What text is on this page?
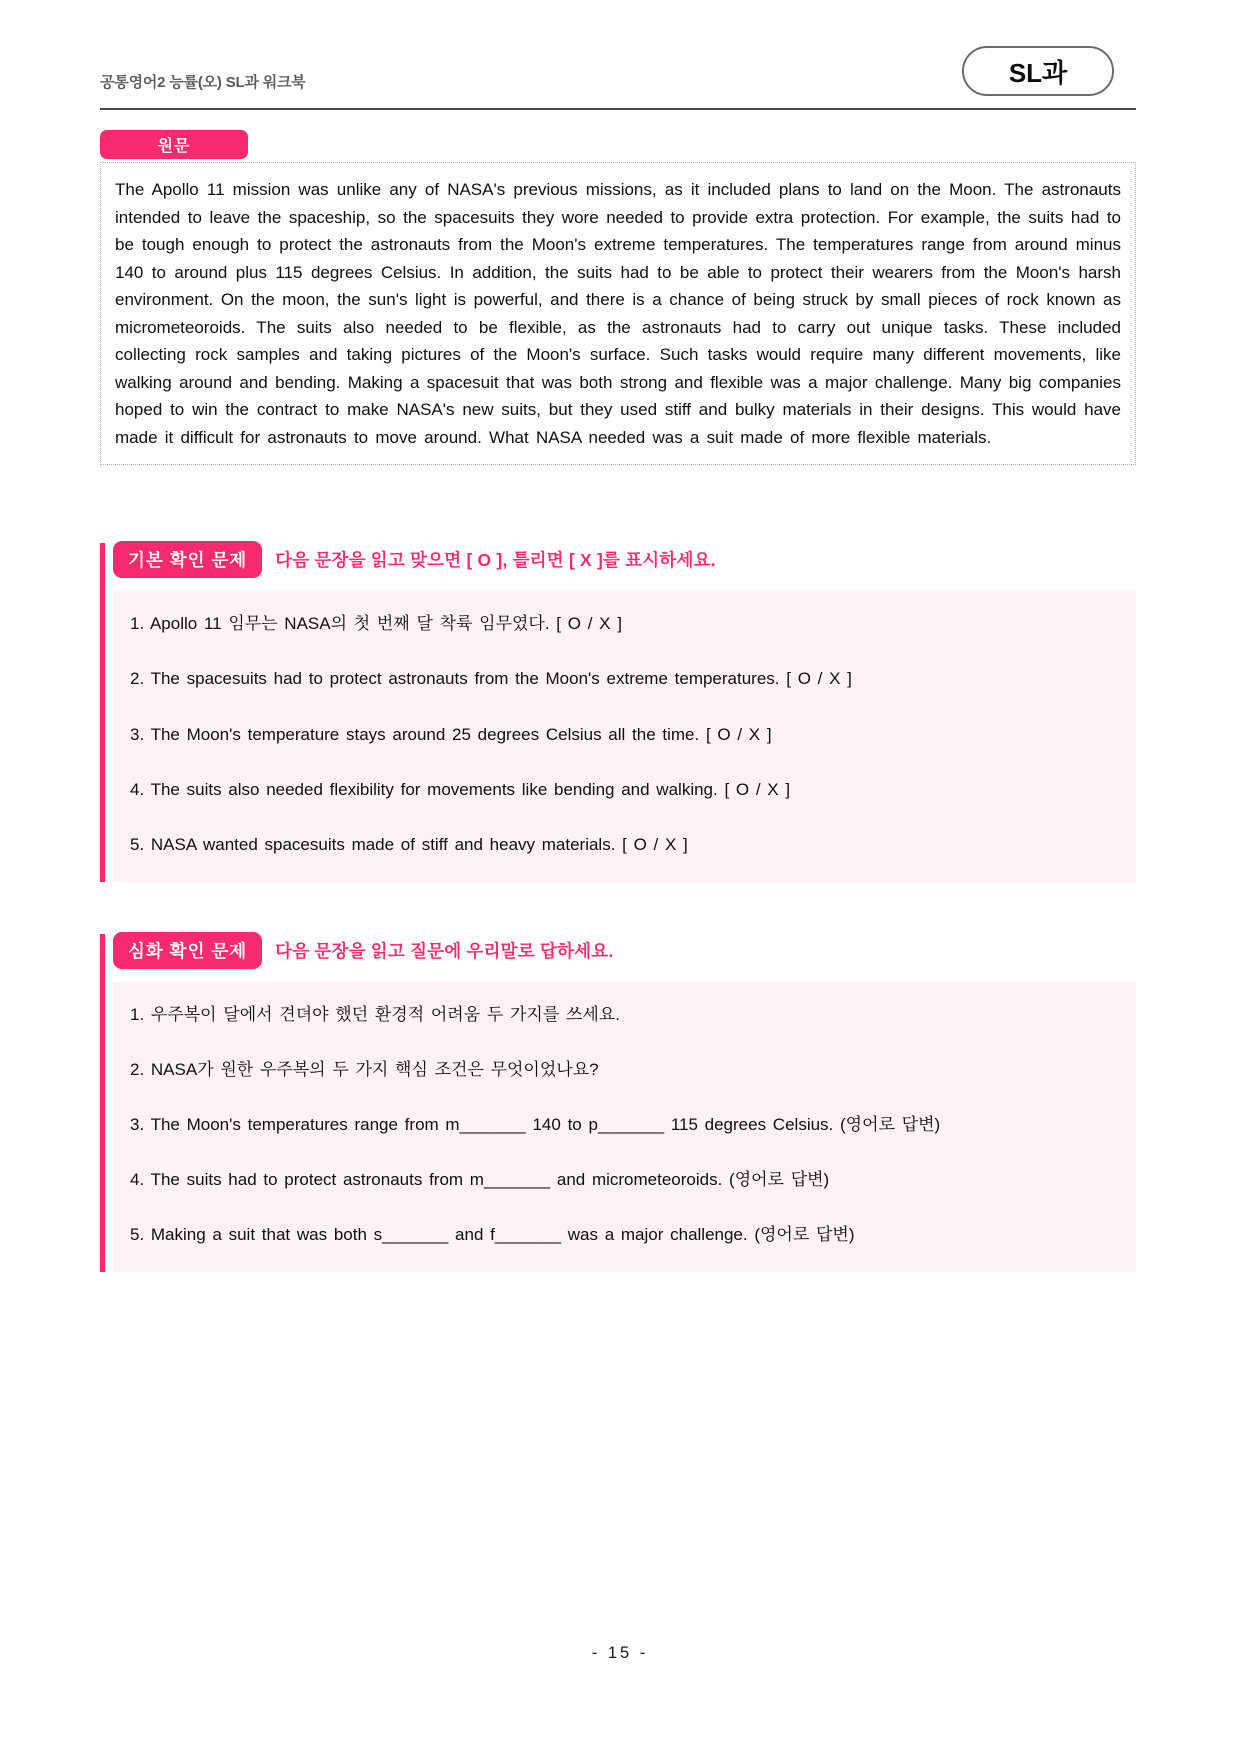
공통영어2 능률(오) SL과 워크북	SL과
원문

The Apollo 11 mission was unlike any of NASA's previous missions, as it included plans to land on the Moon. The astronauts intended to leave the spaceship, so the spacesuits they wore needed to provide extra protection. For example, the suits had to be tough enough to protect the astronauts from the Moon's extreme temperatures. The temperatures range from around minus 140 to around plus 115 degrees Celsius. In addition, the suits had to be able to protect their wearers from the Moon's harsh environment. On the moon, the sun's light is powerful, and there is a chance of being struck by small pieces of rock known as micrometeoroids. The suits also needed to be flexible, as the astronauts had to carry out unique tasks. These included collecting rock samples and taking pictures of the Moon's surface. Such tasks would require many different movements, like walking around and bending. Making a spacesuit that was both strong and flexible was a major challenge. Many big companies hoped to win the contract to make NASA's new suits, but they used stiff and bulky materials in their designs. This would have made it difficult for astronauts to move around. What NASA needed was a suit made of more flexible materials.

기본 확인 문제	다음 문장을 읽고 맞으면 [ O ], 틀리면 [ X ]를 표시하세요.
1. Apollo 11 임무는 NASA의 첫 번째 달 착륙 임무였다. [ O / X ]
2. The spacesuits had to protect astronauts from the Moon's extreme temperatures. [ O / X ]
3. The Moon's temperature stays around 25 degrees Celsius all the time. [ O / X ]
4. The suits also needed flexibility for movements like bending and walking. [ O / X ]
5. NASA wanted spacesuits made of stiff and heavy materials. [ O / X ]
심화 확인 문제	다음 문장을 읽고 질문에 우리말로 답하세요.
1. 우주복이 달에서 견뎌야 했던 환경적 어려움 두 가지를 쓰세요.
2. NASA가 원한 우주복의 두 가지 핵심 조건은 무엇이었나요?
3. The Moon's temperatures range from m_______ 140 to p_______ 115 degrees Celsius. (영어로 답변)
4. The suits had to protect astronauts from m_______ and micrometeoroids. (영어로 답변)
5. Making a suit that was both s_______ and f_______ was a major challenge. (영어로 답변)
- 15 -
